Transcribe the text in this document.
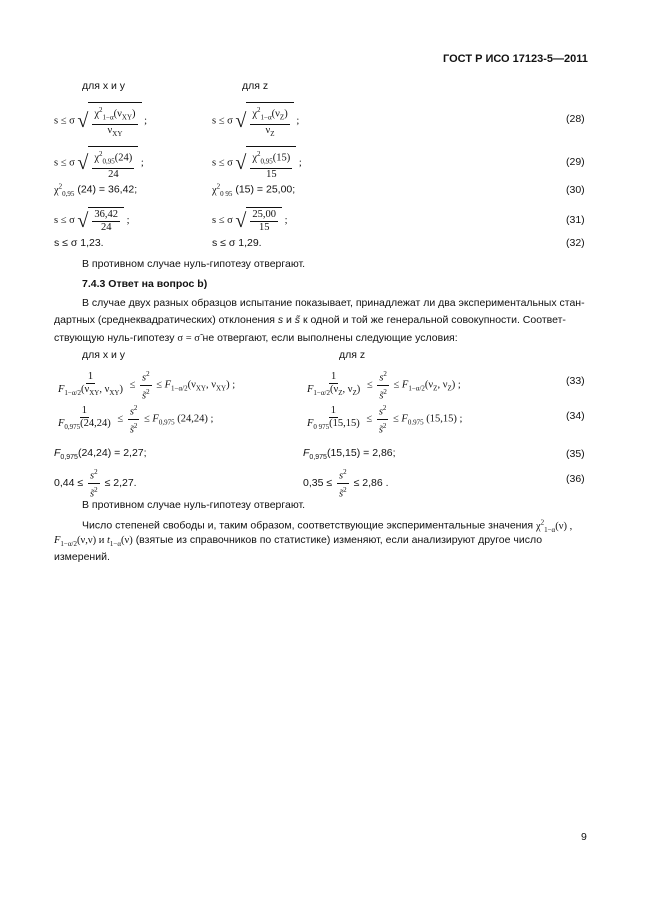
ГОСТ Р ИСО 17123-5—2011
для x и y	для z
s ≤ σ √ $\frac{\chi^2_{1-\alpha}(\nu_{XY})}{\nu_{XY}}$ ;	s ≤ σ √ $\frac{\chi^2_{1-\alpha}(\nu_Z)}{\nu_Z}$ ;	(28)
s ≤ σ √ $\frac{\chi^2_{0,95}(24)}{24}$ ;	s ≤ σ √ $\frac{\chi^2_{0,95}(15)}{15}$ ;	(29)
$\chi^2_{0,95}$ (24) = 36,42;	$\chi^2_{0 95}$ (15) = 25,00;	(30)
s ≤ σ √ $\frac{36,42}{24}$ ;	s ≤ σ √ $\frac{25,00}{15}$ ;	(31)
s ≤ σ 1,23.	s ≤ σ 1,29.	(32)
В противном случае нуль-гипотезу отвергают.
7.4.3 Ответ на вопрос b)
В случае двух разных образцов испытание показывает, принадлежат ли два экспериментальных стан-
дартных (среднеквадратических) отклонения s и s̃ к одной и той же генеральной совокупности. Соответ-
ствующую нуль-гипотезу σ = σ̃ не отвергают, если выполнены следующие условия:
для x и y	для z
$\frac{1}{F_{1-\alpha/2}(\nu_{XY}, \nu_{XY})} \le \frac{s^2}{s̃^2} \le F_{1-\alpha/2}(\nu_{XY}$, $\nu_{XY}$) ;	$\frac{1}{F_{1-\alpha/2}(\nu_Z, \nu_Z)} \le \frac{s^2}{s̃^2} \le F_{1-\alpha/2}(\nu_Z$, $\nu_Z$) ;	(33)
$\frac{1}{F_{0,975}(24,24)} \le \frac{s^2}{s̃^2} \le F_{0,975}$ (24,24) ;	$\frac{1}{F_{0 975}(15,15)} \le \frac{s^2}{s̃^2} \le F_{0.975}$ (15,15) ;	(34)
$F_{0,975}(24,24) = 2,27$;	$F_{0,975}(15,15) = 2,86$;	(35)
$0,44 \le \frac{s^2}{s̃^2} \le 2,27$.	$0,35 \le \frac{s^2}{s̃^2} \le 2,86$ .	(36)
В противном случае нуль-гипотезу отвергают.
Число степеней свободы и, таким образом, соответствующие экспериментальные значения $\chi^2_{1-\alpha}(\nu)$ ,
$F_{1-\alpha/2}(\nu,\nu)$ и $t_{1-\alpha}(\nu)$ (взятые из справочников по статистике) изменяют, если анализируют другое число
измерений.
9
